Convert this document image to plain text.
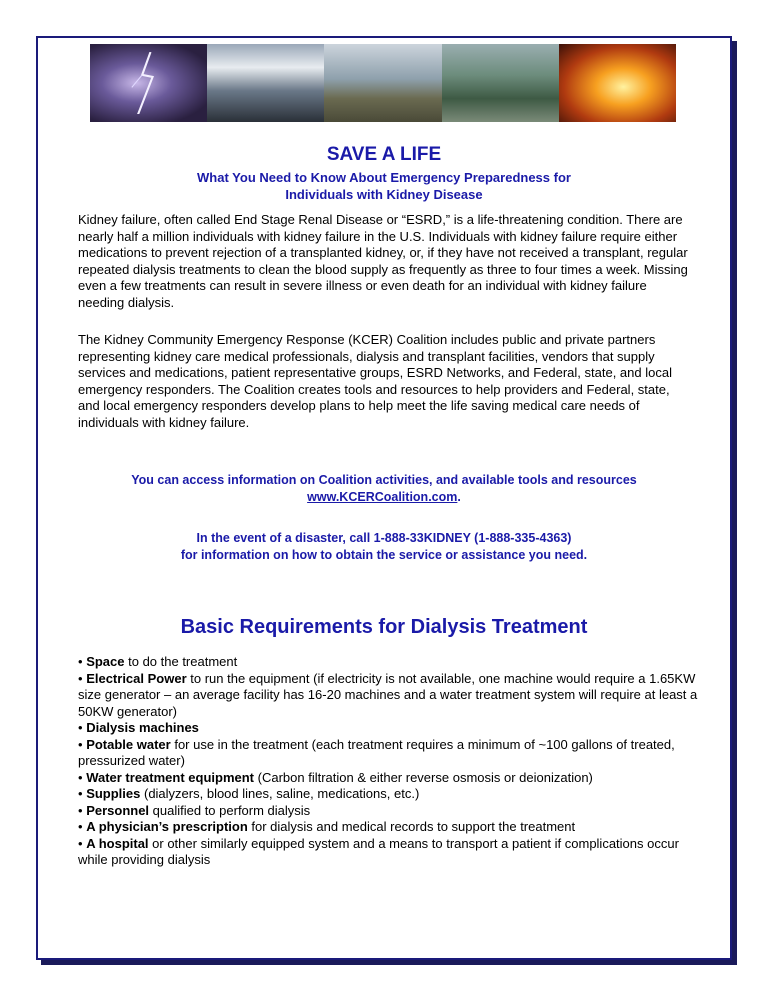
SAVE A LIFE
What You Need to Know About Emergency Preparedness for
Individuals with Kidney Disease
Kidney failure, often called End Stage Renal Disease or “ESRD,” is a life-threatening condition. There are nearly half a million individuals with kidney failure in the U.S. Individuals with kidney failure require either medications to prevent rejection of a transplanted kidney, or, if they have not received a transplant, regular repeated dialysis treatments to clean the blood supply as frequently as three to four times a week. Missing even a few treatments can result in severe illness or even death for an individual with kidney failure needing dialysis.
The Kidney Community Emergency Response (KCER) Coalition includes public and private partners representing kidney care medical professionals, dialysis and transplant facilities, vendors that supply services and medications, patient representative groups, ESRD Networks, and Federal, state, and local emergency responders. The Coalition creates tools and resources to help providers and Federal, state, and local emergency responders develop plans to help meet the life saving medical care needs of individuals with kidney failure.
You can access information on Coalition activities, and available tools and resources
www.KCERCoalition.com.
In the event of a disaster, call 1-888-33KIDNEY (1-888-335-4363)
for information on how to obtain the service or assistance you need.
Basic Requirements for Dialysis Treatment
• Space to do the treatment
• Electrical Power to run the equipment (if electricity is not available, one machine would require a 1.65KW size generator – an average facility has 16-20 machines and a water treatment system will require at least a 50KW generator)
• Dialysis machines
• Potable water for use in the treatment (each treatment requires a minimum of ~100 gallons of treated, pressurized water)
• Water treatment equipment (Carbon filtration & either reverse osmosis or deionization)
• Supplies (dialyzers, blood lines, saline, medications, etc.)
• Personnel qualified to perform dialysis
• A physician’s prescription for dialysis and medical records to support the treatment
• A hospital or other similarly equipped system and a means to transport a patient if complications occur while providing dialysis
